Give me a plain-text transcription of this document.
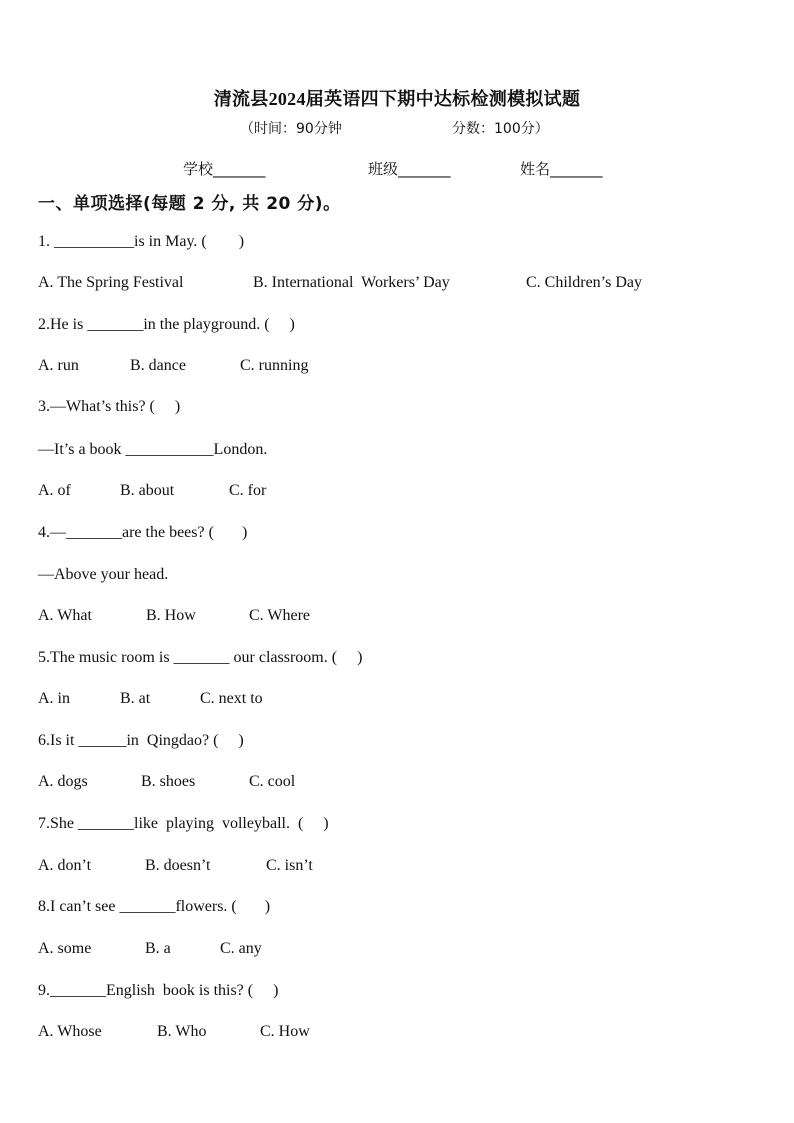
清流县2024届英语四下期中达标检测模拟试题
（时间：90分钟	分数：100分）
学校_______	班级_______	姓名_______
一、单项选择(每题 2 分, 共 20 分)。
1. __________is in May. (        )
A. The Spring Festival	B. International  Workers’ Day	C. Children’s Day
2.He is _______in the playground. (     )
A. run	B. dance	C. running
3.—What’s this? (     )
—It’s a book ___________London.
A. of	B. about	C. for
4.—_______are the bees? (       )
—Above your head.
A. What	B. How	C. Where
5.The music room is _______ our classroom. (     )
A. in	B. at	C. next to
6.Is it ______in  Qingdao? (     )
A. dogs	B. shoes	C. cool
7.She _______like  playing  volleyball.  (     )
A. don’t	B. doesn’t	C. isn’t
8.I can’t see _______flowers. (       )
A. some	B. a	C. any
9._______English  book is this? (     )
A. Whose	B. Who	C. How
